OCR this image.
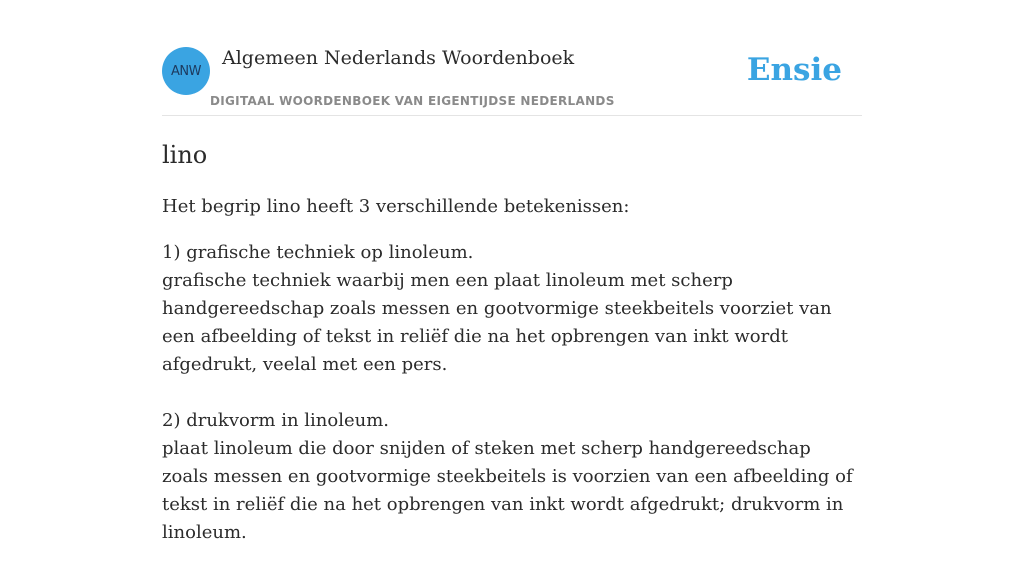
ANW
Algemeen Nederlands Woordenboek
DIGITAAL WOORDENBOEK VAN EIGENTIJDSE NEDERLANDS
Ensie
lino

Het begrip lino heeft 3 verschillende betekenissen:

1) grafische techniek op linoleum.
grafische techniek waarbij men een plaat linoleum met scherp handgereedschap zoals messen en gootvormige steekbeitels voorziet van een afbeelding of tekst in reliëf die na het opbrengen van inkt wordt afgedrukt, veelal met een pers.

2) drukvorm in linoleum.
plaat linoleum die door snijden of steken met scherp handgereedschap zoals messen en gootvormige steekbeitels is voorzien van een afbeelding of tekst in reliëf die na het opbrengen van inkt wordt afgedrukt; drukvorm in linoleum.
